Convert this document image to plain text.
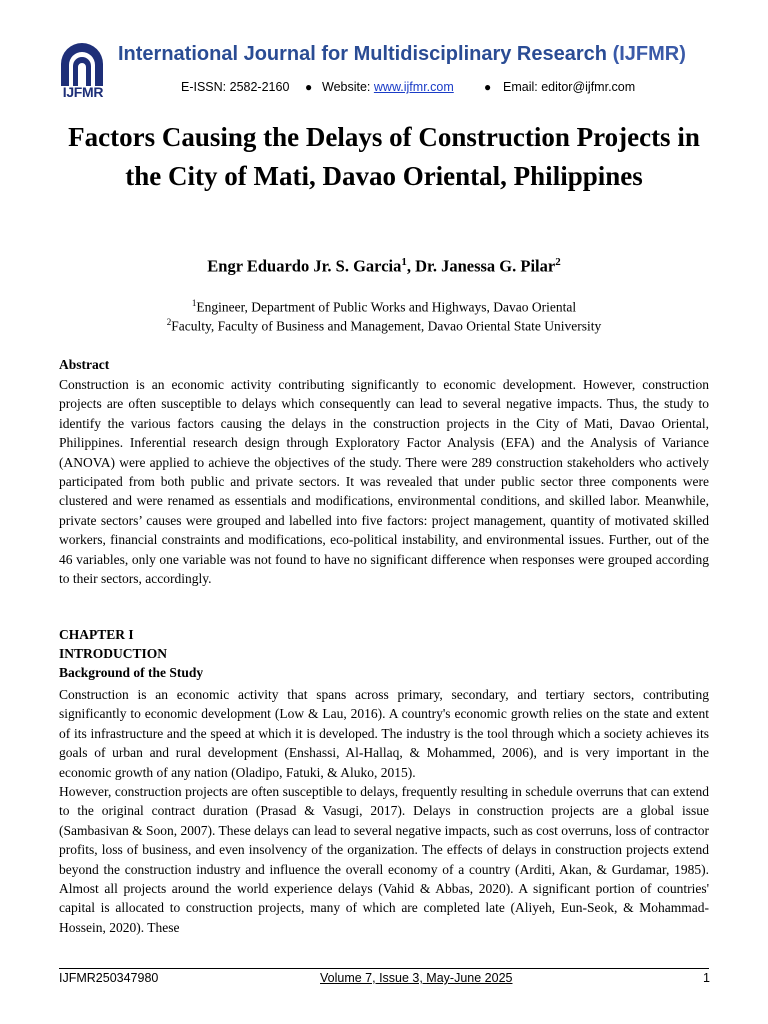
IJFMR
International Journal for Multidisciplinary Research (IJFMR)
E-ISSN: 2582-2160 ● Website: www.ijfmr.com	● Email: editor@ijfmr.com
Factors Causing the Delays of Construction Projects in the City of Mati, Davao Oriental, Philippines
Engr Eduardo Jr. S. Garcia$^1$, Dr. Janessa G. Pilar$^2$
$^1$Engineer, Department of Public Works and Highways, Davao Oriental
$^2$Faculty, Faculty of Business and Management, Davao Oriental State University
Abstract

Construction is an economic activity contributing significantly to economic development. However, construction projects are often susceptible to delays which consequently can lead to several negative impacts. Thus, the study to identify the various factors causing the delays in the construction projects in the City of Mati, Davao Oriental, Philippines. Inferential research design through Exploratory Factor Analysis (EFA) and the Analysis of Variance (ANOVA) were applied to achieve the objectives of the study. There were 289 construction stakeholders who actively participated from both public and private sectors. It was revealed that under public sector three components were clustered and were renamed as essentials and modifications, environmental conditions, and skilled labor. Meanwhile, private sectors’ causes were grouped and labelled into five factors: project management, quantity of motivated skilled workers, financial constraints and modifications, eco-political instability, and environmental issues. Further, out of the 46 variables, only one variable was not found to have no significant difference when responses were grouped according to their sectors, accordingly.

CHAPTER I
INTRODUCTION
Background of the Study

Construction is an economic activity that spans across primary, secondary, and tertiary sectors, contributing significantly to economic development (Low & Lau, 2016). A country's economic growth relies on the state and extent of its infrastructure and the speed at which it is developed. The industry is the tool through which a society achieves its goals of urban and rural development (Enshassi, Al-Hallaq, & Mohammed, 2006), and is very important in the economic growth of any nation (Oladipo, Fatuki, & Aluko, 2015).

However, construction projects are often susceptible to delays, frequently resulting in schedule overruns that can extend to the original contract duration (Prasad & Vasugi, 2017). Delays in construction projects are a global issue (Sambasivan & Soon, 2007). These delays can lead to several negative impacts, such as cost overruns, loss of contractor profits, loss of business, and even insolvency of the organization. The effects of delays in construction projects extend beyond the construction industry and influence the overall economy of a country (Arditi, Akan, & Gurdamar, 1985). Almost all projects around the world experience delays (Vahid & Abbas, 2020). A significant portion of countries' capital is allocated to construction projects, many of which are completed late (Aliyeh, Eun-Seok, & Mohammad-Hossein, 2020). These

IJFMR250347980	Volume 7, Issue 3, May-June 2025	1
